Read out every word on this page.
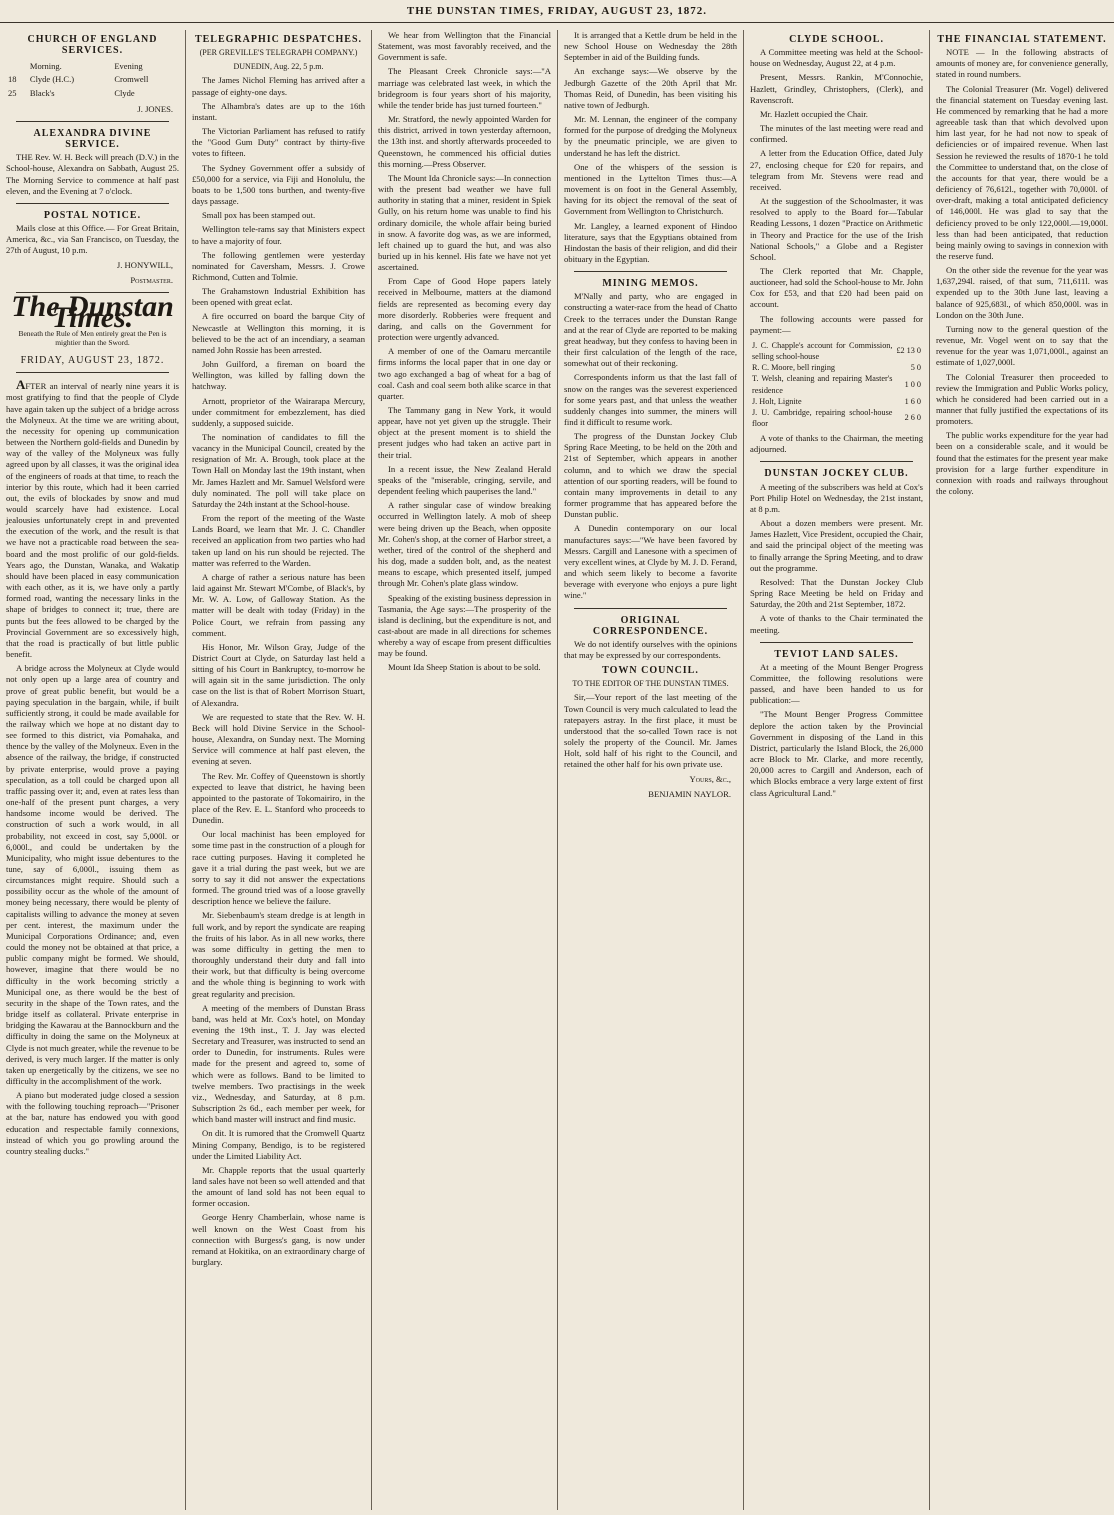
THE DUNSTAN TIMES, FRIDAY, AUGUST 23, 1872.
CHURCH OF ENGLAND SERVICES.
	Morning.	Evening
18	Clyde (H.C.)	Cromwell
25	Black's	Clyde
J. JONES.
ALEXANDRA DIVINE SERVICE.

THE Rev. W. H. Beck will preach (D.V.) in the School-house, Alexandra on Sabbath, August 25. The Morning Service to commence at half past eleven, and the Evening at 7 o'clock.

POSTAL NOTICE.

Mails close at this Office.— For Great Britain, America, &c., via San Francisco, on Tuesday, the 27th of August, 10 p.m.

J. HONYWILL,
Postmaster.
The Dunstan Times.
Beneath the Rule of Men entirely great the Pen is mightier than the Sword.
FRIDAY, AUGUST 23, 1872.

AFTER an interval of nearly nine years it is most gratifying to find that the people of Clyde have again taken up the subject of a bridge across the Molyneux. At the time we are writing about, the necessity for opening up communication between the Northern gold-fields and Dunedin by way of the valley of the Molyneux was fully agreed upon by all classes, it was the original idea of the engineers of roads at that time, to reach the interior by this route, which had it been carried out, the evils of blockades by snow and mud would scarcely have had existence. Local jealousies unfortunately crept in and prevented the execution of the work, and the result is that we have not a practicable road between the sea-board and the most prolific of our gold-fields. Years ago, the Dunstan, Wanaka, and Wakatip should have been placed in easy communication with each other, as it is, we have only a partly formed road, wanting the necessary links in the shape of bridges to connect it; true, there are punts but the fees allowed to be charged by the Provincial Government are so excessively high, that the road is practically of but little public benefit.

A bridge across the Molyneux at Clyde would not only open up a large area of country and prove of great public benefit, but would be a paying speculation in the bargain, while, if built sufficiently strong, it could be made available for the railway which we hope at no distant day to see formed to this district, via Pomahaka, and thence by the valley of the Molyneux. Even in the absence of the railway, the bridge, if constructed by private enterprise, would prove a paying speculation, as a toll could be charged upon all traffic passing over it; and, even at rates less than one-half of the present punt charges, a very handsome income would be derived. The construction of such a work would, in all probability, not exceed in cost, say 5,000l. or 6,000l., and could be undertaken by the Municipality, who might issue debentures to the tune, say of 6,000l., issuing them as circumstances might require. Should such a possibility occur as the whole of the amount of money being necessary, there would be plenty of capitalists willing to advance the money at seven per cent. interest, the maximum under the Municipal Corporations Ordinance; and, even could the money not be obtained at that price, a public company might be formed. We should, however, imagine that there would be no difficulty in the work becoming strictly a Municipal one, as there would be the best of security in the shape of the Town rates, and the bridge itself as collateral. Private enterprise in bridging the Kawarau at the Bannockburn and the difficulty in doing the same on the Molyneux at Clyde is not much greater, while the revenue to be derived, is very much larger. If the matter is only taken up energetically by the citizens, we see no difficulty in the accomplishment of the work.

A piano but moderated judge closed a session with the following touching reproach—"Prisoner at the bar, nature has endowed you with good education and respectable family connexions, instead of which you go prowling around the country stealing ducks."

TELEGRAPHIC DESPATCHES.
(PER GREVILLE'S TELEGRAPH COMPANY.)
DUNEDIN, Aug. 22, 5 p.m.

The James Nichol Fleming has arrived after a passage of eighty-one days.

The Alhambra's dates are up to the 16th instant.

The Victorian Parliament has refused to ratify the "Good Gum Duty" contract by thirty-five votes to fifteen.

The Sydney Government offer a subsidy of £50,000 for a service, via Fiji and Honolulu, the boats to be 1,500 tons burthen, and twenty-five days passage.

Small pox has been stamped out.

Wellington tele-rams say that Ministers expect to have a majority of four.

The following gentlemen were yesterday nominated for Caversham, Messrs. J. Crowe Richmond, Cutten and Tolmie.

The Grahamstown Industrial Exhibition has been opened with great eclat.

A fire occurred on board the barque City of Newcastle at Wellington this morning, it is believed to be the act of an incendiary, a seaman named John Rossie has been arrested.

John Guilford, a fireman on board the Wellington, was killed by falling down the hatchway.

Arnott, proprietor of the Wairarapa Mercury, under commitment for embezzlement, has died suddenly, a supposed suicide.

The nomination of candidates to fill the vacancy in the Municipal Council, created by the resignation of Mr. A. Brough, took place at the Town Hall on Monday last the 19th instant, when Mr. James Hazlett and Mr. Samuel Welsford were duly nominated. The poll will take place on Saturday the 24th instant at the School-house.

From the report of the meeting of the Waste Lands Board, we learn that Mr. J. C. Chandler received an application from two parties who had taken up land on his run should be rejected. The matter was referred to the Warden.

A charge of rather a serious nature has been laid against Mr. Stewart M'Combe, of Black's, by Mr. W. A. Low, of Galloway Station. As the matter will be dealt with today (Friday) in the Police Court, we refrain from passing any comment.

His Honor, Mr. Wilson Gray, Judge of the District Court at Clyde, on Saturday last held a sitting of his Court in Bankruptcy, to-morrow he will again sit in the same jurisdiction. The only case on the list is that of Robert Morrison Stuart, of Alexandra.

We are requested to state that the Rev. W. H. Beck will hold Divine Service in the School-house, Alexandra, on Sunday next. The Morning Service will commence at half past eleven, the evening at seven.

The Rev. Mr. Coffey of Queenstown is shortly expected to leave that district, he having been appointed to the pastorate of Tokomairiro, in the place of the Rev. E. L. Stanford who proceeds to Dunedin.

Our local machinist has been employed for some time past in the construction of a plough for race cutting purposes. Having it completed he gave it a trial during the past week, but we are sorry to say it did not answer the expectations formed. The ground tried was of a loose gravelly description hence we believe the failure.

Mr. Siebenbaum's steam dredge is at length in full work, and by report the syndicate are reaping the fruits of his labor. As in all new works, there was some difficulty in getting the men to thoroughly understand their duty and fall into their work, but that difficulty is being overcome and the whole thing is beginning to work with great regularity and precision.

A meeting of the members of Dunstan Brass band, was held at Mr. Cox's hotel, on Monday evening the 19th inst., T. J. Jay was elected Secretary and Treasurer, was instructed to send an order to Dunedin, for instruments. Rules were made for the present and agreed to, some of which were as follows. Band to be limited to twelve members. Two practisings in the week viz., Wednesday, and Saturday, at 8 p.m. Subscription 2s 6d., each member per week, for which band master will instruct and find music.

On dit. It is rumored that the Cromwell Quartz Mining Company, Bendigo, is to be registered under the Limited Liability Act.

Mr. Chapple reports that the usual quarterly land sales have not been so well attended and that the amount of land sold has not been equal to former occasion.

George Henry Chamberlain, whose name is well known on the West Coast from his connection with Burgess's gang, is now under remand at Hokitika, on an extraordinary charge of burglary.

We hear from Wellington that the Financial Statement, was most favorably received, and the Government is safe.

The Pleasant Creek Chronicle says:—"A marriage was celebrated last week, in which the bridegroom is four years short of his majority, while the tender bride has just turned fourteen."

Mr. Stratford, the newly appointed Warden for this district, arrived in town yesterday afternoon, the 13th inst. and shortly afterwards proceeded to Queenstown, he commenced his official duties this morning.—Press Observer.

The Mount Ida Chronicle says:—In connection with the present bad weather we have full authority in stating that a miner, resident in Spiek Gully, on his return home was unable to find his ordinary domicile, the whole affair being buried in snow. A favorite dog was, as we are informed, left chained up to guard the hut, and was also buried up in his kennel. His fate we have not yet ascertained.

From Cape of Good Hope papers lately received in Melbourne, matters at the diamond fields are represented as becoming every day more disorderly. Robberies were frequent and daring, and calls on the Government for protection were urgently advanced.

A member of one of the Oamaru mercantile firms informs the local paper that in one day or two ago exchanged a bag of wheat for a bag of coal. Cash and coal seem both alike scarce in that quarter.

The Tammany gang in New York, it would appear, have not yet given up the struggle. Their object at the present moment is to shield the present judges who had taken an active part in their trial.

In a recent issue, the New Zealand Herald speaks of the "miserable, cringing, servile, and dependent feeling which pauperises the land."

A rather singular case of window breaking occurred in Wellington lately. A mob of sheep were being driven up the Beach, when opposite Mr. Cohen's shop, at the corner of Harbor street, a wether, tired of the control of the shepherd and his dog, made a sudden bolt, and, as the neatest means to escape, which presented itself, jumped through Mr. Cohen's plate glass window.

Speaking of the existing business depression in Tasmania, the Age says:—The prosperity of the island is declining, but the expenditure is not, and cast-about are made in all directions for schemes whereby a way of escape from present difficulties may be found.

Mount Ida Sheep Station is about to be sold.

It is arranged that a Kettle drum be held in the new School House on Wednesday the 28th September in aid of the Building funds.

An exchange says:—We observe by the Jedburgh Gazette of the 20th April that Mr. Thomas Reid, of Dunedin, has been visiting his native town of Jedburgh.

Mr. M. Lennan, the engineer of the company formed for the purpose of dredging the Molyneux by the pneumatic principle, we are given to understand he has left the district.

One of the whispers of the session is mentioned in the Lyttelton Times thus:—A movement is on foot in the General Assembly, having for its object the removal of the seat of Government from Wellington to Christchurch.

Mr. Langley, a learned exponent of Hindoo literature, says that the Egyptians obtained from Hindostan the basis of their religion, and did their obituary in the Egyptian.

MINING MEMOS.

M'Nally and party, who are engaged in constructing a water-race from the head of Chatto Creek to the terraces under the Dunstan Range and at the rear of Clyde are reported to be making great headway, but they confess to having been in their first calculation of the length of the race, somewhat out of their reckoning.

Correspondents inform us that the last fall of snow on the ranges was the severest experienced for some years past, and that unless the weather suddenly changes into summer, the miners will find it difficult to resume work.

The progress of the Dunstan Jockey Club Spring Race Meeting, to be held on the 20th and 21st of September, which appears in another column, and to which we draw the special attention of our sporting readers, will be found to contain many improvements in detail to any former programme that has appeared before the Dunstan public.

A Dunedin contemporary on our local manufactures says:—"We have been favored by Messrs. Cargill and Lanesone with a specimen of very excellent wines, at Clyde by M. J. D. Ferand, and which seem likely to become a favorite beverage with everyone who enjoys a pure light wine."

ORIGINAL CORRESPONDENCE.

We do not identify ourselves with the opinions that may be expressed by our correspondents.

TOWN COUNCIL.
TO THE EDITOR OF THE DUNSTAN TIMES.

Sir,—Your report of the last meeting of the Town Council is very much calculated to lead the ratepayers astray. In the first place, it must be understood that the so-called Town race is not solely the property of the Council. Mr. James Holt, sold half of his right to the Council, and retained the other half for his own private use.

Yours, &c.,
BENJAMIN NAYLOR.
CLYDE SCHOOL.

A Committee meeting was held at the School-house on Wednesday, August 22, at 4 p.m.

Present, Messrs. Rankin, M'Connochie, Hazlett, Grindley, Christophers, (Clerk), and Ravenscroft.

Mr. Hazlett occupied the Chair.

The minutes of the last meeting were read and confirmed.

A letter from the Education Office, dated July 27, enclosing cheque for £20 for repairs, and telegram from Mr. Stevens were read and received.

At the suggestion of the Schoolmaster, it was resolved to apply to the Board for—Tabular Reading Lessons, 1 dozen "Practice on Arithmetic in Theory and Practice for the use of the Irish National Schools," a Globe and a Register School.

The Clerk reported that Mr. Chapple, auctioneer, had sold the School-house to Mr. John Cox for £53, and that £20 had been paid on account.

The following accounts were passed for payment:—

J. C. Chapple's account for Commission, selling school-house	£2 13 0
R. C. Moore, bell ringing	5 0
T. Welsh, cleaning and repairing Master's residence	1 0 0
J. Holt, Lignite	1 6 0
J. U. Cambridge, repairing school-house floor	2 6 0

A vote of thanks to the Chairman, the meeting adjourned.

DUNSTAN JOCKEY CLUB.

A meeting of the subscribers was held at Cox's Port Philip Hotel on Wednesday, the 21st instant, at 8 p.m.

About a dozen members were present. Mr. James Hazlett, Vice President, occupied the Chair, and said the principal object of the meeting was to finally arrange the Spring Meeting, and to draw out the programme.

Resolved: That the Dunstan Jockey Club Spring Race Meeting be held on Friday and Saturday, the 20th and 21st September, 1872.

A vote of thanks to the Chair terminated the meeting.

TEVIOT LAND SALES.

At a meeting of the Mount Benger Progress Committee, the following resolutions were passed, and have been handed to us for publication:—

"The Mount Benger Progress Committee deplore the action taken by the Provincial Government in disposing of the Land in this District, particularly the Island Block, the 26,000 acre Block to Mr. Clarke, and more recently, 20,000 acres to Cargill and Anderson, each of which Blocks embrace a very large extent of first class Agricultural Land."

THE FINANCIAL STATEMENT.

NOTE — In the following abstracts of amounts of money are, for convenience generally, stated in round numbers.

The Colonial Treasurer (Mr. Vogel) delivered the financial statement on Tuesday evening last. He commenced by remarking that he had a more agreeable task than that which devolved upon him last year, for he had not now to speak of deficiencies or of impaired revenue. When last Session he reviewed the results of 1870-1 he told the Committee to understand that, on the close of the accounts for that year, there would be a deficiency of 76,612l., together with 70,000l. of over-draft, making a total anticipated deficiency of 146,000l. He was glad to say that the deficiency proved to be only 122,000l.—19,000l. less than had been anticipated, that reduction being mainly owing to savings in connexion with the reserve fund.

On the other side the revenue for the year was 1,637,294l. raised, of that sum, 711,611l. was expended up to the 30th June last, leaving a balance of 925,683l., of which 850,000l. was in London on the 30th June.

Turning now to the general question of the revenue, Mr. Vogel went on to say that the revenue for the year was 1,071,000l., against an estimate of 1,027,000l.

The Colonial Treasurer then proceeded to review the Immigration and Public Works policy, which he considered had been carried out in a manner that fully justified the expectations of its promoters.

The public works expenditure for the year had been on a considerable scale, and it would be found that the estimates for the present year make provision for a large further expenditure in connexion with roads and railways throughout the colony.
